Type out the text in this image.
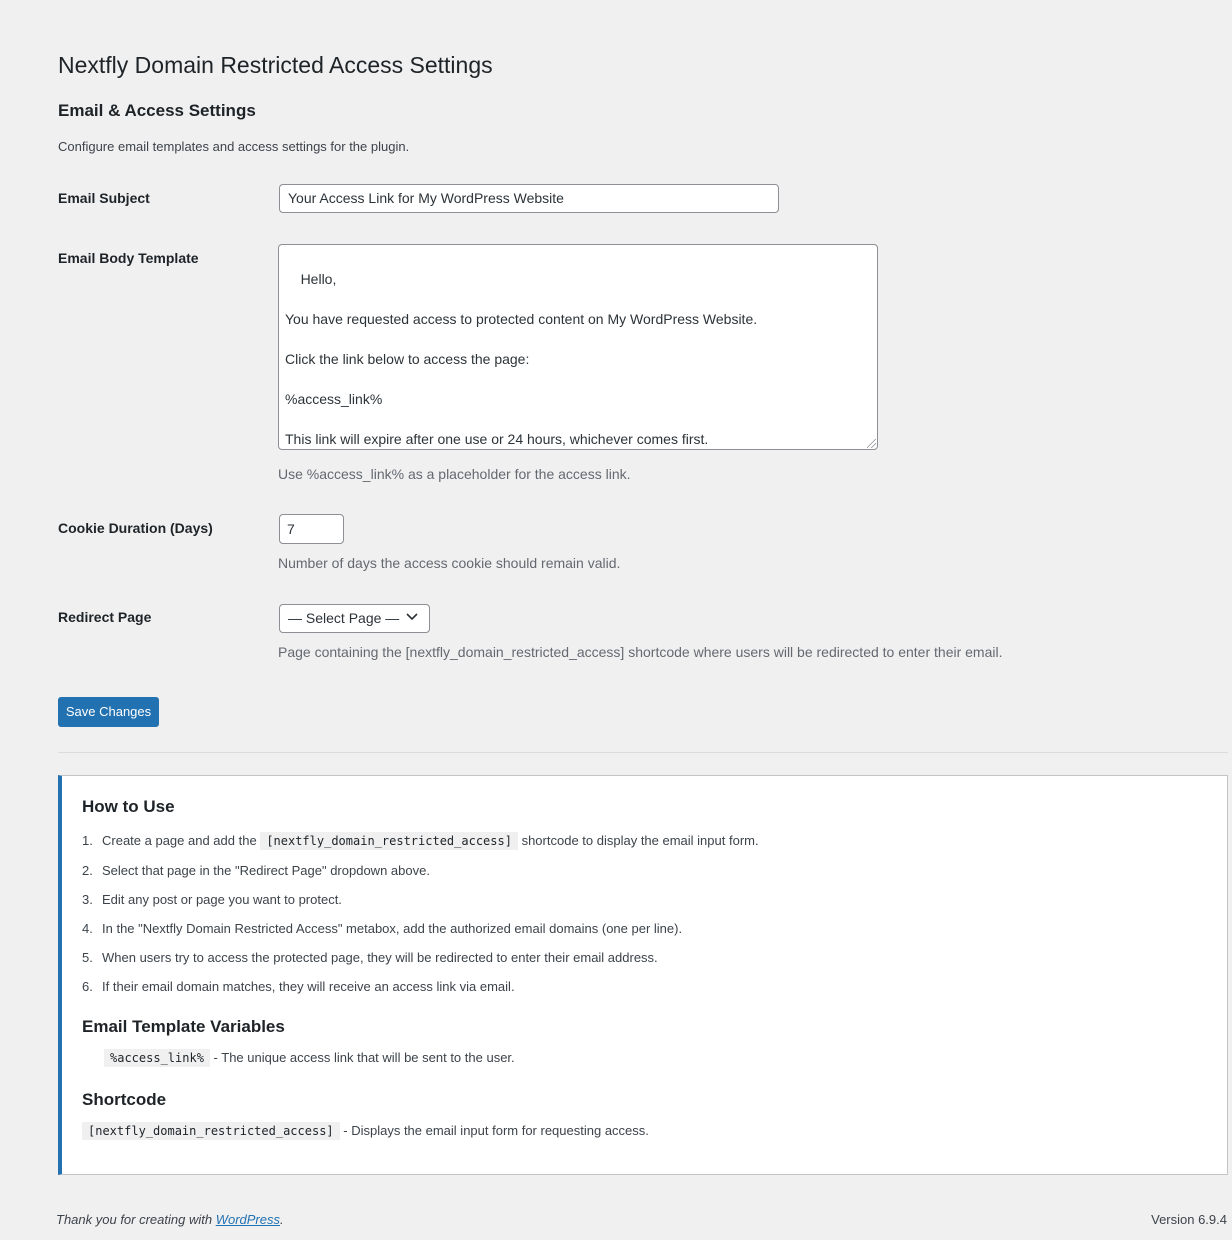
Nextfly Domain Restricted Access Settings
Email & Access Settings

Configure email templates and access settings for the plugin.

Email Subject	Your Access Link for My WordPress Website
Email Body Template

Hello,

You have requested access to protected content on My WordPress Website.

Click the link below to access the page:

%access_link%

This link will expire after one use or 24 hours, whichever comes first.

Use %access_link% as a placeholder for the access link.
Cookie Duration (Days)	7
Number of days the access cookie should remain valid.
Redirect Page	— Select Page —
Page containing the [nextfly_domain_restricted_access] shortcode where users will be redirected to enter their email.
Save Changes
How to Use
1. Create a page and add the [nextfly_domain_restricted_access] shortcode to display the email input form.
2. Select that page in the "Redirect Page" dropdown above.
3. Edit any post or page you want to protect.
4. In the "Nextfly Domain Restricted Access" metabox, add the authorized email domains (one per line).
5. When users try to access the protected page, they will be redirected to enter their email address.
6. If their email domain matches, they will receive an access link via email.
Email Template Variables
%access_link% - The unique access link that will be sent to the user.
Shortcode
[nextfly_domain_restricted_access] - Displays the email input form for requesting access.
Thank you for creating with WordPress.	Version 6.9.4
